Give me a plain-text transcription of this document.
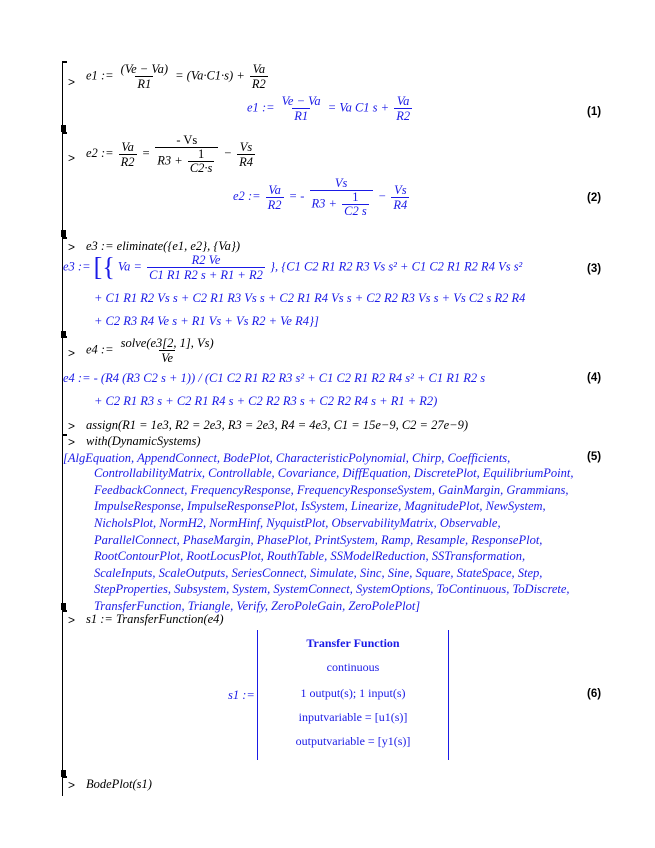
> e1 := $\frac{(Ve - Va)}{R1} = (Va\cdot C1\cdot s) + \frac{Va}{R2}$
e1 := $\frac{Ve - Va}{R1} = Va$ C1 $s + \frac{Va}{R2}$	(1)
> e2 := $\frac{Va}{R2} = \frac{- Vs}{R3 + \frac{1}{C2\cdot s}} - \frac{Vs}{R4}$
e2 := $\frac{Va}{R2}$ = - $\frac{Vs}{R3 + \frac{1}{C2 s}} - \frac{Vs}{R4}$	(2)
> e3 := eliminate({e1, e2}, {Va})
e3 := [{ $Va = \frac{R2 Ve}{C1 R1 R2 s + R1 + R2}$ }, {C1 C2 R1 R2 R3 Vs s² + C1 C2 R1 R2 R4 Vs s²	(3)
+ C1 R1 R2 Vs s + C2 R1 R3 Vs s + C2 R1 R4 Vs s + C2 R2 R3 Vs s + Vs C2 s R2 R4
+ C2 R3 R4 Ve s + R1 Vs + Vs R2 + Ve R4}]
> e4 := $\frac{\text{solve(e3[2, 1], Vs)}}{Ve}$
e4 := - (R4 (R3 C2 s + 1)) / (C1 C2 R1 R2 R3 s² + C1 C2 R1 R2 R4 s² + C1 R1 R2 s	(4)
+ C2 R1 R3 s + C2 R1 R4 s + C2 R2 R3 s + C2 R2 R4 s + R1 + R2)
> assign(R1 = 1e3, R2 = 2e3, R3 = 2e3, R4 = 4e3, C1 = 15e−9, C2 = 27e−9)
> with(DynamicSystems)
[AlgEquation, AppendConnect, BodePlot, CharacteristicPolynomial, Chirp, Coefficients,	(5)
ControllabilityMatrix, Controllable, Covariance, DiffEquation, DiscretePlot, EquilibriumPoint,
FeedbackConnect, FrequencyResponse, FrequencyResponseSystem, GainMargin, Grammians,
ImpulseResponse, ImpulseResponsePlot, IsSystem, Linearize, MagnitudePlot, NewSystem,
NicholsPlot, NormH2, NormHinf, NyquistPlot, ObservabilityMatrix, Observable,
ParallelConnect, PhaseMargin, PhasePlot, PrintSystem, Ramp, Resample, ResponsePlot,
RootContourPlot, RootLocusPlot, RouthTable, SSModelReduction, SSTransformation,
ScaleInputs, ScaleOutputs, SeriesConnect, Simulate, Sinc, Sine, Square, StateSpace, Step,
StepProperties, Subsystem, System, SystemConnect, SystemOptions, ToContinuous, ToDiscrete,
TransferFunction, Triangle, Verify, ZeroPoleGain, ZeroPolePlot]
> s1 := TransferFunction(e4)
s1 :=
Transfer Function
continuous
1 output(s); 1 input(s)
inputvariable = [u1(s)]
outputvariable = [y1(s)]
(6)
> BodePlot(s1)
